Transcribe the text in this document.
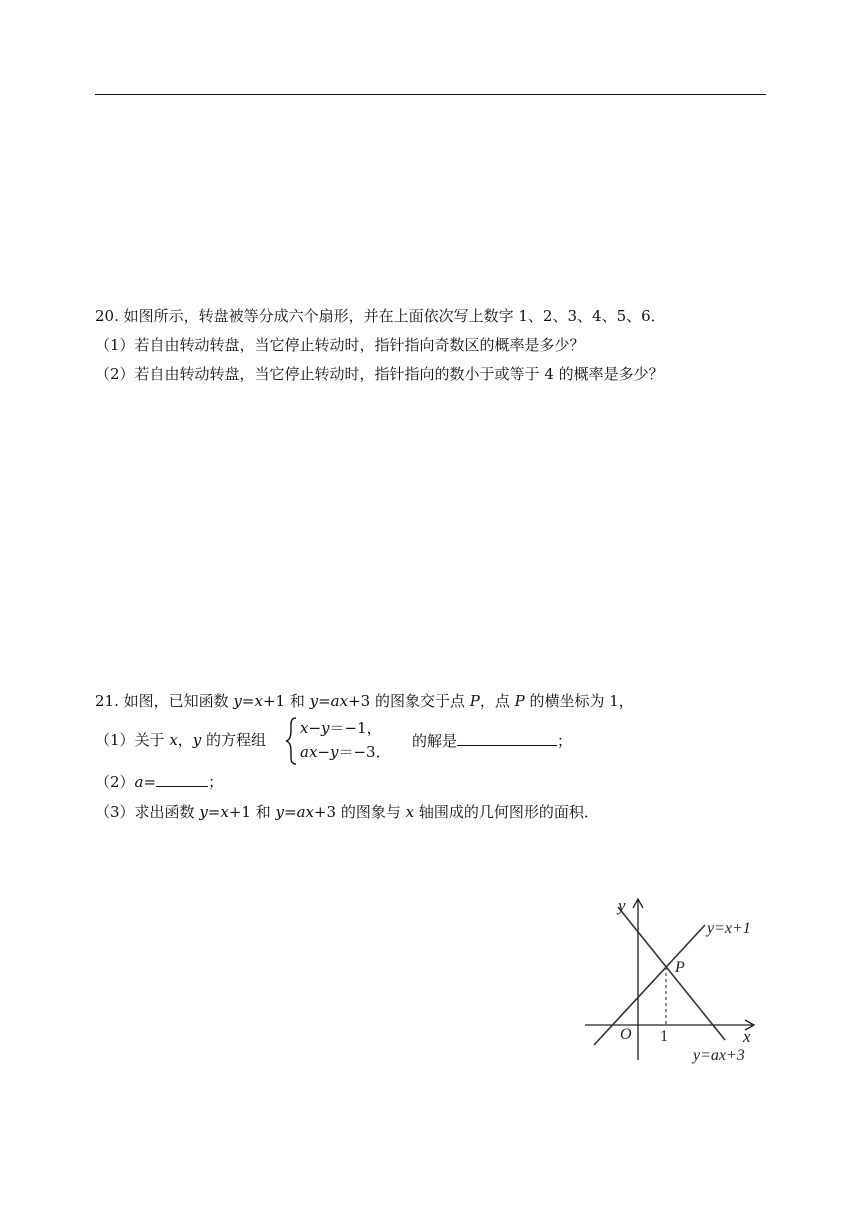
20. 如图所示，转盘被等分成六个扇形，并在上面依次写上数字 1、2、3、4、5、6．
（1）若自由转动转盘，当它停止转动时，指针指向奇数区的概率是多少？
（2）若自由转动转盘，当它停止转动时，指针指向的数小于或等于 4 的概率是多少？
21. 如图，已知函数 y=x+1 和 y=ax+3 的图象交于点 P，点 P 的横坐标为 1，
（1）关于 x，y 的方程组
x−y＝−1，
ax−y＝−3．
的解是	；
（2）a=	；
（3）求出函数 y=x+1 和 y=ax+3 的图象与 x 轴围成的几何图形的面积．
y
x
O 1
P
y=x+1
y=ax+3
